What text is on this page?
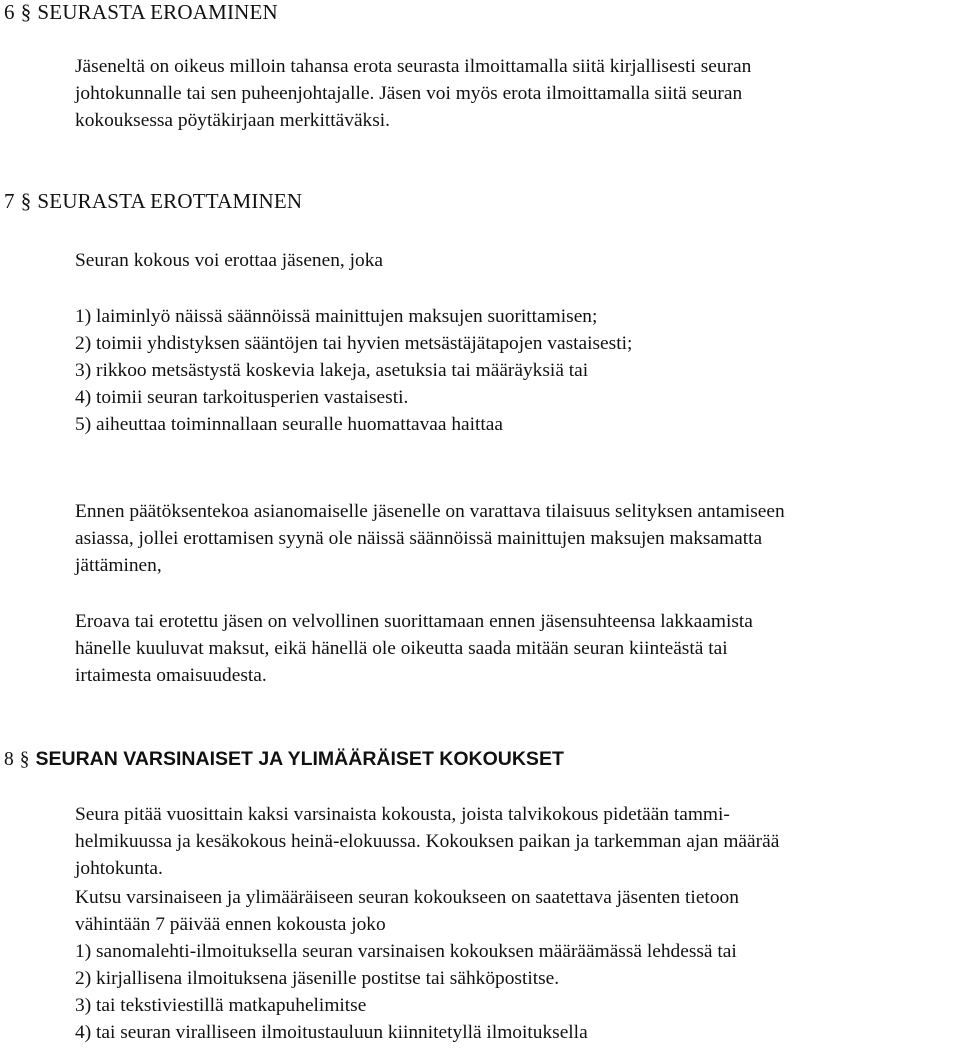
6 § SEURASTA EROAMINEN
Jäseneltä on oikeus milloin tahansa erota seurasta ilmoittamalla siitä kirjallisesti seuran
johtokunnalle tai sen puheenjohtajalle. Jäsen voi myös erota ilmoittamalla siitä seuran
kokouksessa pöytäkirjaan merkittäväksi.
7 § SEURASTA EROTTAMINEN
Seuran kokous voi erottaa jäsenen, joka
1) laiminlyö näissä säännöissä mainittujen maksujen suorittamisen;
2) toimii yhdistyksen sääntöjen tai hyvien metsästäjätapojen vastaisesti;
3) rikkoo metsästystä koskevia lakeja, asetuksia tai määräyksiä tai
4) toimii seuran tarkoitusperien vastaisesti.
5) aiheuttaa toiminnallaan seuralle huomattavaa haittaa
Ennen päätöksentekoa asianomaiselle jäsenelle on varattava tilaisuus selityksen antamiseen
asiassa, jollei erottamisen syynä ole näissä säännöissä mainittujen maksujen maksamatta
jättäminen,
Eroava tai erotettu jäsen on velvollinen suorittamaan ennen jäsensuhteensa lakkaamista
hänelle kuuluvat maksut, eikä hänellä ole oikeutta saada mitään seuran kiinteästä tai
irtaimesta omaisuudesta.
8 § SEURAN VARSINAISET JA YLIMÄÄRÄISET KOKOUKSET
Seura pitää vuosittain kaksi varsinaista kokousta, joista talvikokous pidetään tammi-
helmikuussa ja kesäkokous heinä-elokuussa. Kokouksen paikan ja tarkemman ajan määrää
johtokunta.
Kutsu varsinaiseen ja ylimääräiseen seuran kokoukseen on saatettava jäsenten tietoon
vähintään 7 päivää ennen kokousta joko
1) sanomalehti-ilmoituksella seuran varsinaisen kokouksen määräämässä lehdessä tai
2) kirjallisena ilmoituksena jäsenille postitse tai sähköpostitse.
3) tai tekstiviestillä matkapuhelimitse
4) tai seuran viralliseen ilmoitustauluun kiinnitetyllä ilmoituksella
